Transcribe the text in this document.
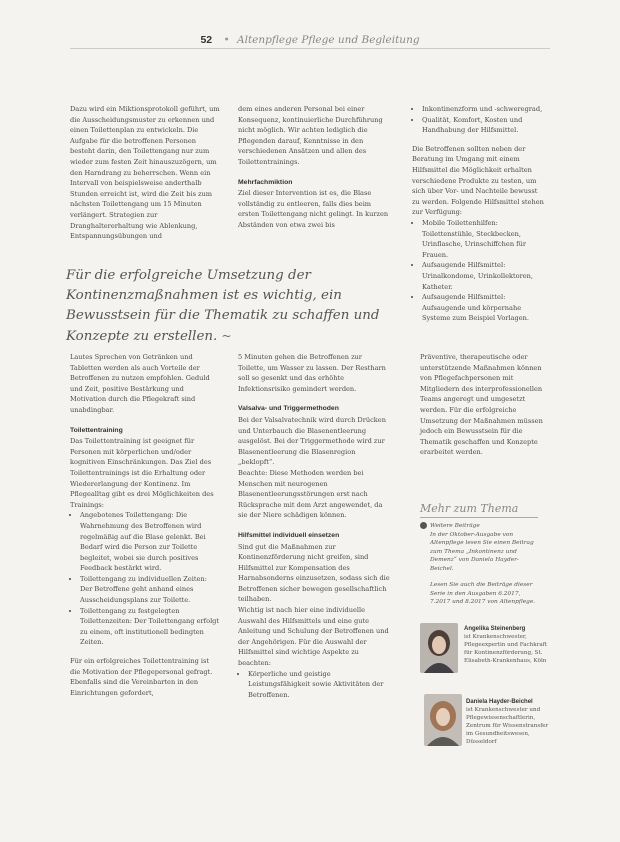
52 • Altenpflege Pflege und Begleitung

Dazu wird ein Miktionsprotokoll geführt, um die Ausscheidungsmuster zu erkennen und einen Toilettenplan zu entwickeln. Die Aufgabe für die betroffenen Personen besteht darin, den Toilettengang nur zum wieder zum festen Zeit hinauszuzögern, um den Harndrang zu beherrschen. Wenn ein Intervall von beispielsweise anderthalb Stunden erreicht ist, wird die Zeit bis zum nächsten Toilettengang um 15 Minuten verlängert. Strategien zur Dranghaltererhaltung wie Ablenkung, Entspannungsübungen und

dem eines anderen Personal bei einer Konsequenz, kontinuierliche Durchführung nicht möglich. Wir achten lediglich die Pflegenden darauf, Kenntnisse in den verschiedenen Ansätzen und allen des Toilettentrainings.

Mehrfachmiktion

Ziel dieser Intervention ist es, die Blase vollständig zu entleeren, falls dies beim ersten Toilettengang nicht gelingt. In kurzen Abständen von etwa zwei bis

• Inkontinenzform und -schweregrad,
• Qualität, Komfort, Kosten und Handhabung der Hilfsmittel.

Die Betroffenen sollten neben der Beratung im Umgang mit einem Hilfsmittel die Möglichkeit erhalten verschiedene Produkte zu testen, um sich über Vor- und Nachteile bewusst zu werden. Folgende Hilfsmittel stehen zur Verfügung:

• Mobile Toilettenhilfen: Toilettenstühle, Steckbecken, Urinflasche, Urinschiffchen für Frauen.
• Aufsaugende Hilfsmittel: Urinalkondome, Urinkollektoren, Katheter.
• Aufsaugende Hilfsmittel: Aufsaugende und körpernahe Systeme zum Beispiel Vorlagen.
Für die erfolgreiche Umsetzung der Kontinenzmaßnahmen ist es wichtig, ein Bewusstsein für die Thematik zu schaffen und Konzepte zu erstellen. ~

Lautes Sprechen von Getränken und Tabletten werden als auch Vorteile der Betroffenen zu nutzen empfohlen. Geduld und Zeit, positive Bestärkung und Motivation durch die Pflegekraft sind unabdingbar.

Toilettentraining

Das Toilettentraining ist geeignet für Personen mit körperlichen und/oder kognitiven Einschränkungen. Das Ziel des Toilettentrainings ist die Erhaltung oder Wiedererlangung der Kontinenz. Im Pflegealltag gibt es drei Möglichkeiten des Trainings:

• Angebotenes Toilettengang: Die Wahrnehmung des Betroffenen wird regelmäßig auf die Blase gelenkt. Bei Bedarf wird die Person zur Toilette begleitet, wobei sie durch positives Feedback bestärkt wird.
• Toilettengang zu individuellen Zeiten: Der Betroffene geht anhand eines Ausscheidungsplans zur Toilette.
• Toilettengang zu festgelegten Toilettenzeiten: Der Toilettengang erfolgt zu einem, oft institutionell bedingten Zeiten.

Für ein erfolgreiches Toilettentraining ist die Motivation der Pflegepersonal gefragt. Ebenfalls sind die Vereinbarten in den Einrichtungen gefordert,

5 Minuten gehen die Betroffenen zur Toilette, um Wasser zu lassen. Der Restharn soll so gesenkt und das erhöhte Infektionsrisiko gemindert werden.

Valsalva- und Triggermethoden

Bei der Valsalvatechnik wird durch Drücken und Unterbauch die Blasenentleerung ausgelöst. Bei der Triggermethode wird zur Blasenentleerung die Blasenregion „beklopft“.

Beachte: Diese Methoden werden bei Menschen mit neurogenen Blasenentleerungsstörungen erst nach Rücksprache mit dem Arzt angewendet, da sie der Niere schädigen können.

Hilfsmittel individuell einsetzen

Sind gut die Maßnahmen zur Kontinenzförderung nicht greifen, sind Hilfsmittel zur Kompensation des Harnabsonderns einzusetzen, sodass sich die Betroffenen sicher bewegen gesellschaftlich teilhaben.

Wichtig ist nach hier eine individuelle Auswahl des Hilfsmittels und eine gute Anleitung und Schulung der Betroffenen und der Angehörigen. Für die Auswahl der Hilfsmittel sind wichtige Aspekte zu beachten:

• Körperliche und geistige Leistungsfähigkeit sowie Aktivitäten der Betroffenen.

Präventive, therapeutische oder unterstützende Maßnahmen können von Pflegefachpersonen mit Mitgliedern des interprofessionellen Teams angeregt und umgesetzt werden. Für die erfolgreiche Umsetzung der Maßnahmen müssen jedoch ein Bewusstsein für die Thematik geschaffen und Konzepte erarbeitet werden.

Mehr zum Thema
Weitere Beiträge
In der Oktober-Ausgabe von Altenpflege lesen Sie einen Beitrag zum Thema „Inkontinenz und Demenz“ von Daniela Hayder-Beichel.
Lesen Sie auch die Beiträge dieser Serie in den Ausgaben 6.2017, 7.2017 und 8.2017 von Altenpflege.
Angelika Steinenberg
ist Krankenschwester, Pflegeexpertin und Fachkraft für Kontinenzförderung, St. Elisabeth-Krankenhaus, Köln
Daniela Hayder-Beichel
ist Krankenschwester und Pflegewissenschaftlerin, Zentrum für Wissenstransfer im Gesundheitswesen, Düsseldorf
